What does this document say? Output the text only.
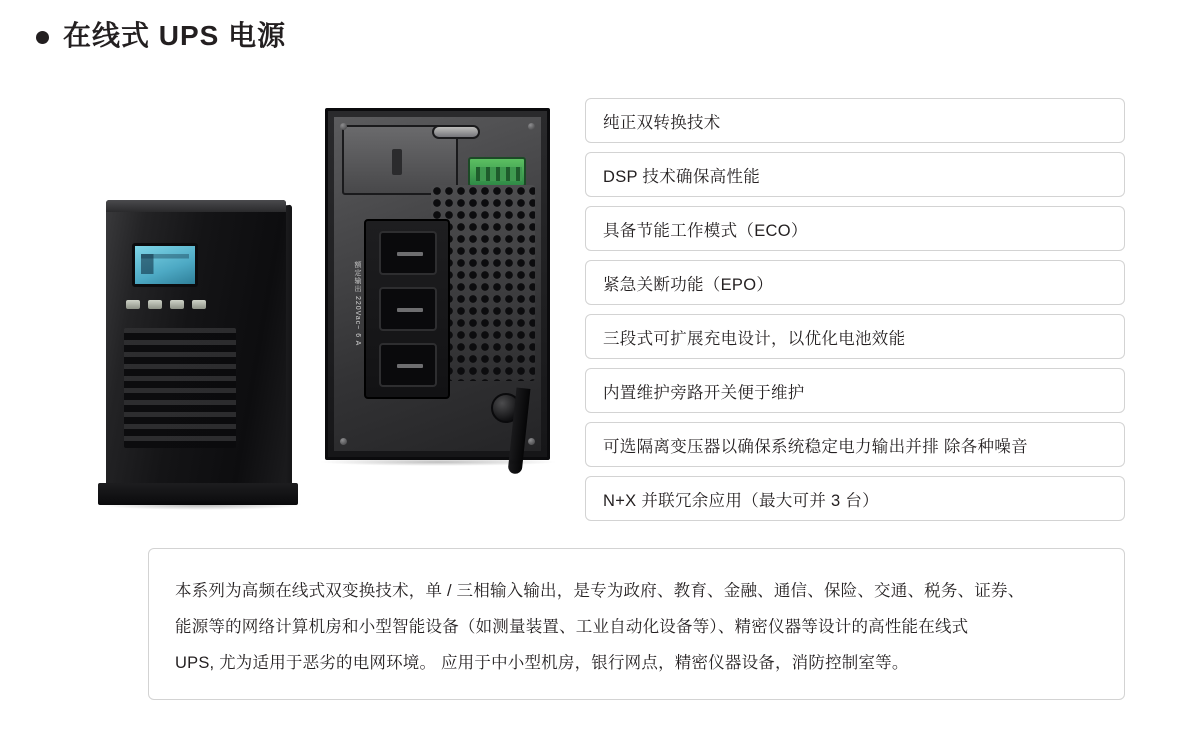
在线式 UPS 电源
额定输出 220Vac~ 6 A
纯正双转换技术
DSP 技术确保高性能
具备节能工作模式（ECO）
紧急关断功能（EPO）
三段式可扩展充电设计，以优化电池效能
内置维护旁路开关便于维护
可选隔离变压器以确保系统稳定电力输出并排 除各种噪音
N+X 并联冗余应用（最大可并 3 台）

本系列为高频在线式双变换技术，单 / 三相输入输出，是专为政府、教育、金融、通信、保险、交通、税务、证券、

能源等的网络计算机房和小型智能设备（如测量装置、工业自动化设备等）、精密仪器等设计的高性能在线式

UPS, 尤为适用于恶劣的电网环境。 应用于中小型机房，银行网点，精密仪器设备，消防控制室等。
